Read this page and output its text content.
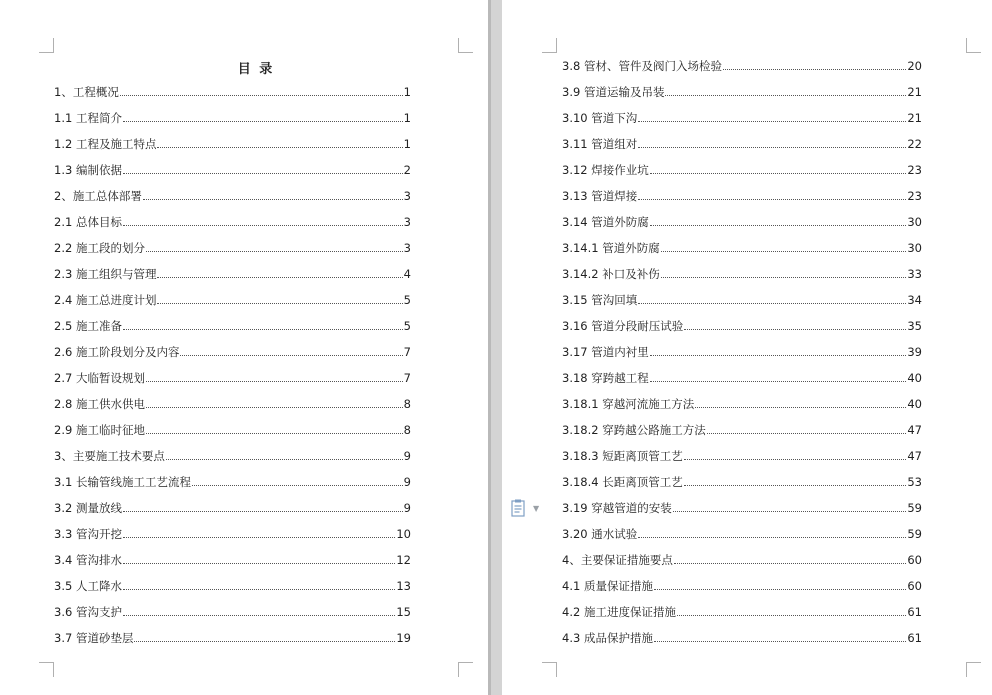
目 录
1、工程概况	1
1.1 工程简介	1
1.2 工程及施工特点	1
1.3 编制依据	2
2、施工总体部署	3
2.1 总体目标	3
2.2 施工段的划分	3
2.3 施工组织与管理	4
2.4 施工总进度计划	5
2.5 施工准备	5
2.6 施工阶段划分及内容	7
2.7 大临暂设规划	7
2.8 施工供水供电	8
2.9 施工临时征地	8
3、主要施工技术要点	9
3.1 长输管线施工工艺流程	9
3.2 测量放线	9
3.3 管沟开挖	10
3.4 管沟排水	12
3.5 人工降水	13
3.6 管沟支护	15
3.7 管道砂垫层	19
3.8 管材、管件及阀门入场检验	20
3.9 管道运输及吊装	21
3.10 管道下沟	21
3.11 管道组对	22
3.12 焊接作业坑	23
3.13 管道焊接	23
3.14 管道外防腐	30
3.14.1 管道外防腐	30
3.14.2 补口及补伤	33
3.15 管沟回填	34
3.16 管道分段耐压试验	35
3.17 管道内衬里	39
3.18 穿跨越工程	40
3.18.1 穿越河流施工方法	40
3.18.2 穿跨越公路施工方法	47
3.18.3 短距离顶管工艺	47
3.18.4 长距离顶管工艺	53
3.19 穿越管道的安装	59
3.20 通水试验	59
4、主要保证措施要点	60
4.1 质量保证措施	60
4.2 施工进度保证措施	61
4.3 成品保护措施	61
▼
